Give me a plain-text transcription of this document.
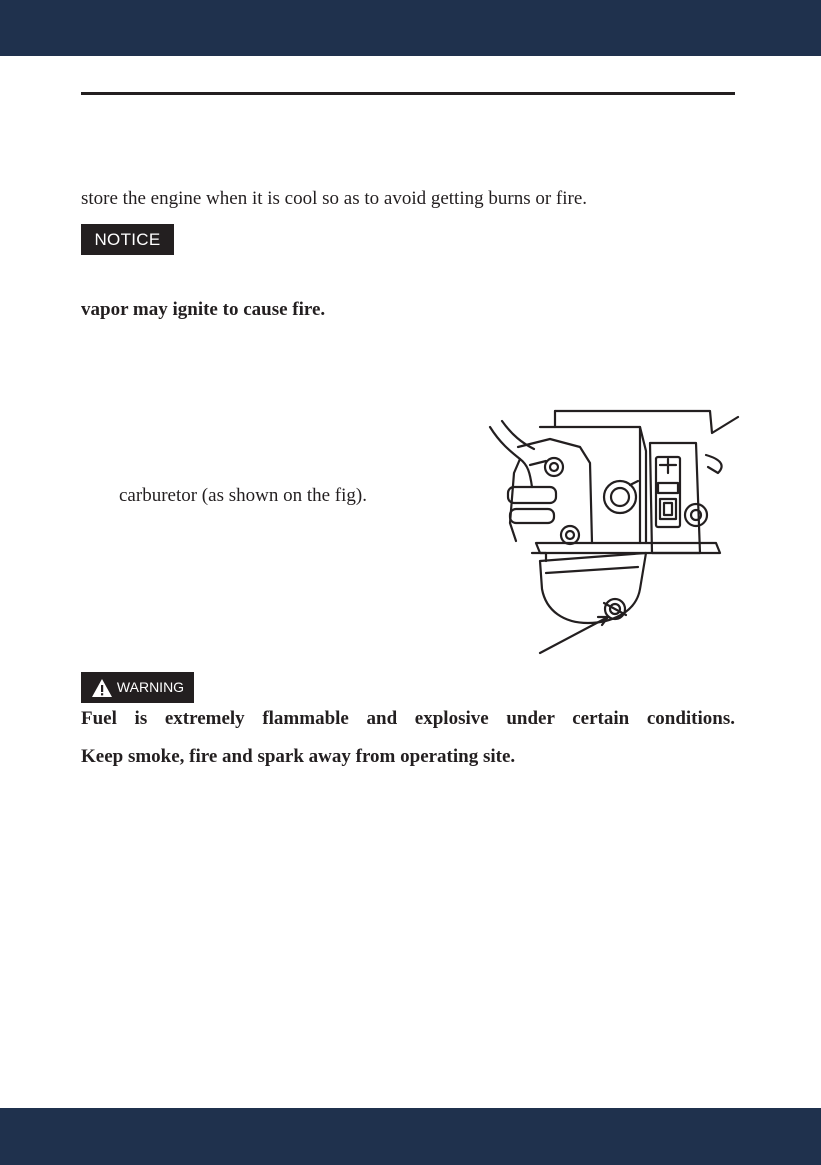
store the engine when it is cool so as to avoid getting burns or fire.
NOTICE
vapor may ignite to cause fire.
carburetor (as shown on the fig).
WARNING
Fuel is extremely flammable and explosive under certain conditions.
Keep smoke, fire and spark away from operating site.
